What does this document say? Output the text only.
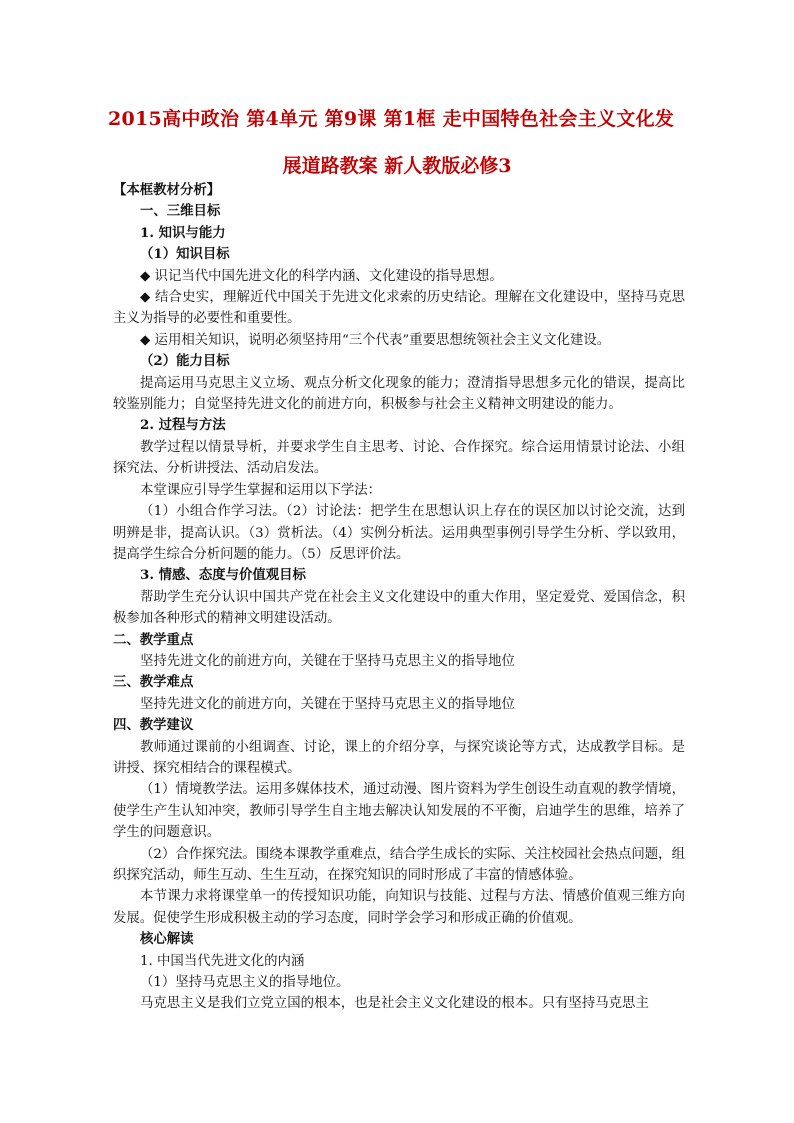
2015高中政治 第4单元 第9课 第1框 走中国特色社会主义文化发
展道路教案 新人教版必修3

【本框教材分析】

一、三维目标

1. 知识与能力

（1）知识目标

◆ 识记当代中国先进文化的科学内涵、文化建设的指导思想。

◆ 结合史实，理解近代中国关于先进文化求索的历史结论。理解在文化建设中，坚持马克思主义为指导的必要性和重要性。

◆ 运用相关知识，说明必须坚持用“三个代表”重要思想统领社会主义文化建设。

（2）能力目标

提高运用马克思主义立场、观点分析文化现象的能力；澄清指导思想多元化的错误，提高比较鉴别能力；自觉坚持先进文化的前进方向，积极参与社会主义精神文明建设的能力。

2. 过程与方法

教学过程以情景导析，并要求学生自主思考、讨论、合作探究。综合运用情景讨论法、小组探究法、分析讲授法、活动启发法。

本堂课应引导学生掌握和运用以下学法：

（1）小组合作学习法。（2）讨论法：把学生在思想认识上存在的误区加以讨论交流，达到明辨是非，提高认识。（3）赏析法。（4）实例分析法。运用典型事例引导学生分析、学以致用，提高学生综合分析问题的能力。（5）反思评价法。

3. 情感、态度与价值观目标

帮助学生充分认识中国共产党在社会主义文化建设中的重大作用，坚定爱党、爱国信念，积极参加各种形式的精神文明建设活动。

二、教学重点

坚持先进文化的前进方向，关键在于坚持马克思主义的指导地位

三、教学难点

坚持先进文化的前进方向，关键在于坚持马克思主义的指导地位

四、教学建议

教师通过课前的小组调查、讨论，课上的介绍分享，与探究谈论等方式，达成教学目标。是讲授、探究相结合的课程模式。

（1）情境教学法。运用多媒体技术，通过动漫、图片资料为学生创设生动直观的教学情境，使学生产生认知冲突，教师引导学生自主地去解决认知发展的不平衡，启迪学生的思维，培养了学生的问题意识。

（2）合作探究法。围绕本课教学重难点，结合学生成长的实际、关注校园社会热点问题，组织探究活动，师生互动、生生互动，在探究知识的同时形成了丰富的情感体验。

本节课力求将课堂单一的传授知识功能，向知识与技能、过程与方法、情感价值观三维方向发展。促使学生形成积极主动的学习态度，同时学会学习和形成正确的价值观。

核心解读

1. 中国当代先进文化的内涵

（1）坚持马克思主义的指导地位。

马克思主义是我们立党立国的根本，也是社会主义文化建设的根本。只有坚持马克思主
